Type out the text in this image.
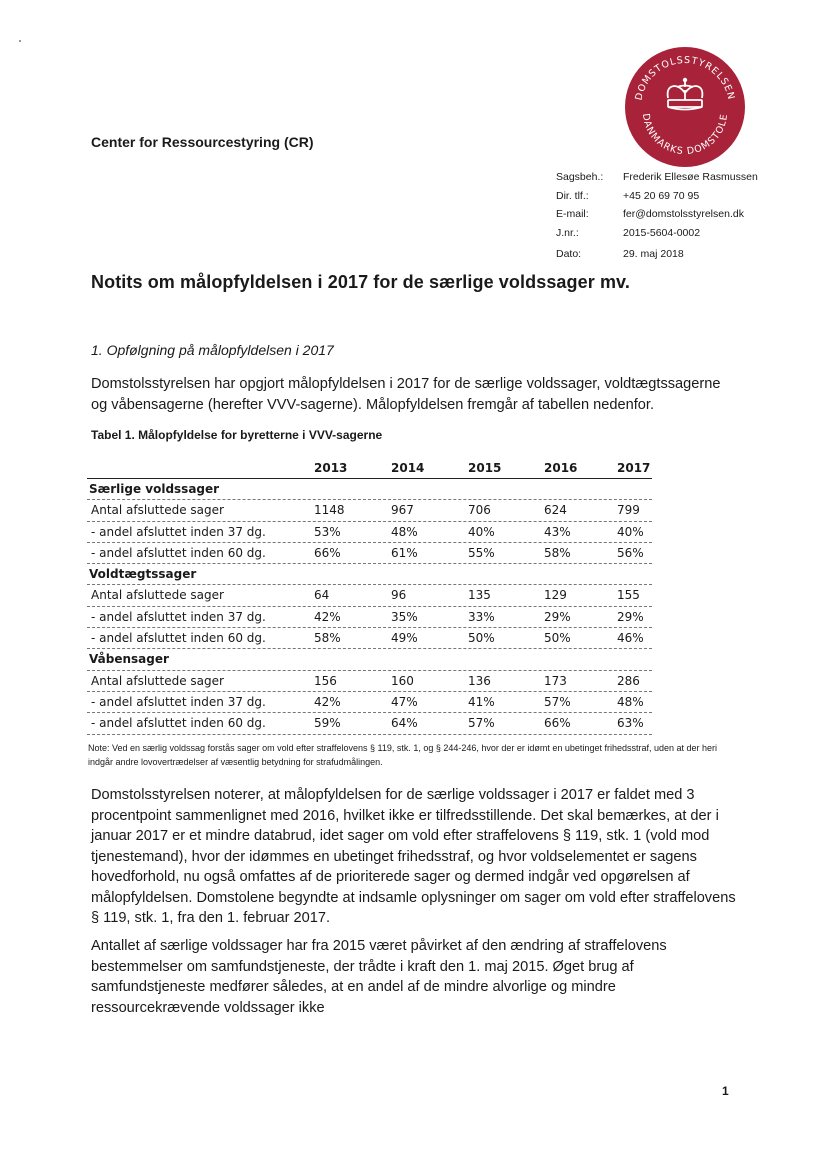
DOMSTOLSSTYRELSEN
DANMARKS DOMSTOLE
Center for Ressourcestyring (CR)
Sagsbeh.:	Frederik Ellesøe Rasmussen
Dir. tlf.:	+45 20 69 70 95
E-mail:	fer@domstolsstyrelsen.dk
J.nr.:	2015-5604-0002
Dato:	29. maj 2018
Notits om målopfyldelsen i 2017 for de særlige voldssager mv.
1. Opfølgning på målopfyldelsen i 2017
Domstolsstyrelsen har opgjort målopfyldelsen i 2017 for de særlige voldssager, voldtægtssagerne og våbensagerne (herefter VVV-sagerne). Målopfyldelsen fremgår af tabellen nedenfor.
Tabel 1. Målopfyldelse for byretterne i VVV-sagerne
2013	2014	2015	2016	2017
Særlige voldssager
Antal afsluttede sager	1148	967	706	624	799
- andel afsluttet inden 37 dg.	53%	48%	40%	43%	40%
- andel afsluttet inden 60 dg.	66%	61%	55%	58%	56%
Voldtægtssager
Antal afsluttede sager	64	96	135	129	155
- andel afsluttet inden 37 dg.	42%	35%	33%	29%	29%
- andel afsluttet inden 60 dg.	58%	49%	50%	50%	46%
Våbensager
Antal afsluttede sager	156	160	136	173	286
- andel afsluttet inden 37 dg.	42%	47%	41%	57%	48%
- andel afsluttet inden 60 dg.	59%	64%	57%	66%	63%
Note: Ved en særlig voldssag forstås sager om vold efter straffelovens § 119, stk. 1, og § 244-246, hvor der er idømt en ubetinget frihedsstraf, uden at der heri indgår andre lovovertrædelser af væsentlig betydning for strafudmålingen.
Domstolsstyrelsen noterer, at målopfyldelsen for de særlige voldssager i 2017 er faldet med 3 procentpoint sammenlignet med 2016, hvilket ikke er tilfredsstillende. Det skal bemærkes, at der i januar 2017 er et mindre databrud, idet sager om vold efter straffelovens § 119, stk. 1 (vold mod tjenestemand), hvor der idømmes en ubetinget frihedsstraf, og hvor voldselementet er sagens hovedforhold, nu også omfattes af de prioriterede sager og dermed indgår ved opgørelsen af målopfyldelsen. Domstolene begyndte at indsamle oplysninger om sager om vold efter straffelovens § 119, stk. 1, fra den 1. februar 2017.
Antallet af særlige voldssager har fra 2015 været påvirket af den ændring af straffelovens bestemmelser om samfundstjeneste, der trådte i kraft den 1. maj 2015. Øget brug af samfundstjeneste medfører således, at en andel af de mindre alvorlige og mindre ressourcekrævende voldssager ikke
1
